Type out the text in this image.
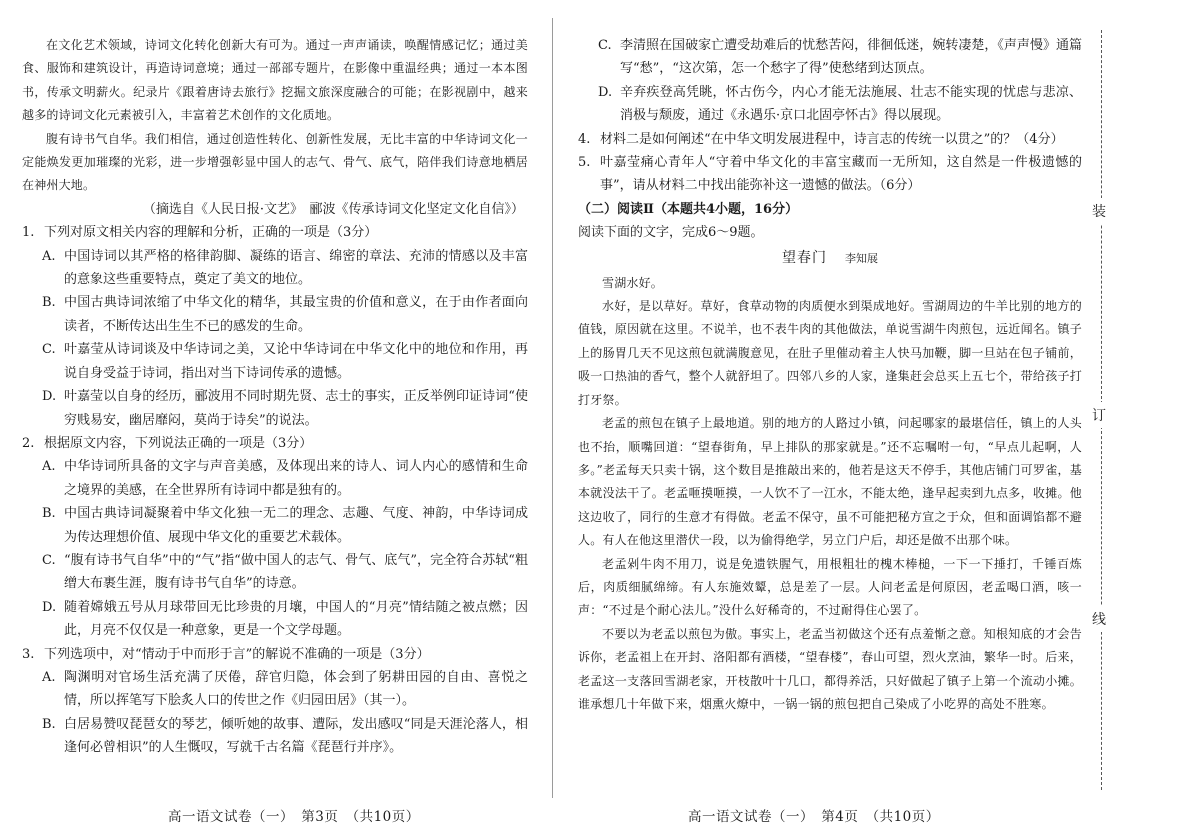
在文化艺术领域，诗词文化转化创新大有可为。通过一声声诵读，唤醒情感记忆；通过美食、服饰和建筑设计，再造诗词意境；通过一部部专题片，在影像中重温经典；通过一本本图书，传承文明薪火。纪录片《跟着唐诗去旅行》挖掘文旅深度融合的可能；在影视剧中，越来越多的诗词文化元素被引入，丰富着艺术创作的文化质地。

腹有诗书气自华。我们相信，通过创造性转化、创新性发展，无比丰富的中华诗词文化一定能焕发更加璀璨的光彩，进一步增强彰显中国人的志气、骨气、底气，陪伴我们诗意地栖居在神州大地。

（摘选自《人民日报·文艺》　郦波《传承诗词文化坚定文化自信》）

1. 下列对原文相关内容的理解和分析，正确的一项是（3分）
A. 中国诗词以其严格的格律韵脚、凝练的语言、绵密的章法、充沛的情感以及丰富的意象这些重要特点，奠定了美文的地位。
B. 中国古典诗词浓缩了中华文化的精华，其最宝贵的价值和意义，在于由作者面向读者，不断传达出生生不已的感发的生命。
C. 叶嘉莹从诗词谈及中华诗词之美，又论中华诗词在中华文化中的地位和作用，再说自身受益于诗词，指出对当下诗词传承的遗憾。
D. 叶嘉莹以自身的经历，郦波用不同时期先贤、志士的事实，正反举例印证诗词“使穷贱易安，幽居靡闷，莫尚于诗矣”的说法。
2. 根据原文内容，下列说法正确的一项是（3分）
A. 中华诗词所具备的文字与声音美感，及体现出来的诗人、词人内心的感情和生命之境界的美感，在全世界所有诗词中都是独有的。
B. 中国古典诗词凝聚着中华文化独一无二的理念、志趣、气度、神韵，中华诗词成为传达理想价值、展现中华文化的重要艺术载体。
C. “腹有诗书气自华”中的“气”指“做中国人的志气、骨气、底气”，完全符合苏轼“粗缯大布裹生涯，腹有诗书气自华”的诗意。
D. 随着嫦娥五号从月球带回无比珍贵的月壤，中国人的“月亮”情结随之被点燃；因此，月亮不仅仅是一种意象，更是一个文学母题。
3. 下列选项中，对“情动于中而形于言”的解说不准确的一项是（3分）
A. 陶渊明对官场生活充满了厌倦，辞官归隐，体会到了躬耕田园的自由、喜悦之情，所以挥笔写下脍炙人口的传世之作《归园田居》（其一）。
B. 白居易赞叹琵琶女的琴艺，倾听她的故事、遭际，发出感叹“同是天涯沦落人，相逢何必曾相识”的人生慨叹，写就千古名篇《琵琶行并序》。
高一语文试卷（一）　第3页　（共10页）
C. 李清照在国破家亡遭受劫难后的忧愁苦闷，徘徊低迷，婉转凄楚，《声声慢》通篇写“愁”，“这次第，怎一个愁字了得”使愁绪到达顶点。
D. 辛弃疾登高凭眺，怀古伤今，内心才能无法施展、壮志不能实现的忧虑与悲凉、消极与颓废，通过《永遇乐·京口北固亭怀古》得以展现。
4. 材料二是如何阐述“在中华文明发展进程中，诗言志的传统一以贯之”的？（4分）
5. 叶嘉莹痛心青年人“守着中华文化的丰富宝藏而一无所知，这自然是一件极遗憾的事”，请从材料二中找出能弥补这一遗憾的做法。（6分）

（二）阅读Ⅱ（本题共4小题，16分）

阅读下面的文字，完成6～9题。

望春门 李知展

雪湖水好。

水好，是以草好。草好，食草动物的肉质便水到渠成地好。雪湖周边的牛羊比别的地方的值钱，原因就在这里。不说羊，也不表牛肉的其他做法，单说雪湖牛肉煎包，远近闻名。镇子上的肠胃几天不见这煎包就满腹意见，在肚子里催动着主人快马加鞭，脚一旦站在包子铺前，吸一口热油的香气，整个人就舒坦了。四邻八乡的人家，逢集赶会总买上五七个，带给孩子打打牙祭。

老孟的煎包在镇子上最地道。别的地方的人路过小镇，问起哪家的最堪信任，镇上的人头也不抬，顺嘴回道：“望春街角，早上排队的那家就是。”还不忘嘱咐一句，“早点儿起啊，人多。”老孟每天只卖十锅，这个数目是推敲出来的，他若是这天不停手，其他店铺门可罗雀，基本就没法干了。老孟咂摸咂摸，一人饮不了一江水，不能太绝，逢早起卖到九点多，收摊。他这边收了，同行的生意才有得做。老孟不保守，虽不可能把秘方宣之于众，但和面调馅都不避人。有人在他这里潜伏一段，以为偷得绝学，另立门户后，却还是做不出那个味。

老孟剁牛肉不用刀，说是免遗铁腥气，用根粗壮的槐木棒槌，一下一下捶打，千锤百炼后，肉质细腻绵缔。有人东施效颦，总是差了一层。人问老孟是何原因，老孟喝口酒，咳一声：“不过是个耐心法儿。”没什么好稀奇的，不过耐得住心罢了。

不要以为老孟以煎包为傲。事实上，老孟当初做这个还有点羞惭之意。知根知底的才会告诉你，老孟祖上在开封、洛阳都有酒楼，“望春楼”，春山可望，烈火烹油，繁华一时。后来，老孟这一支落回雪湖老家，开枝散叶十几口，都得养活，只好做起了镇子上第一个流动小摊。谁承想几十年做下来，烟熏火燎中，一锅一锅的煎包把自己染成了小吃界的高处不胜寒。

高一语文试卷（一）　第4页　（共10页）
装
订
线
